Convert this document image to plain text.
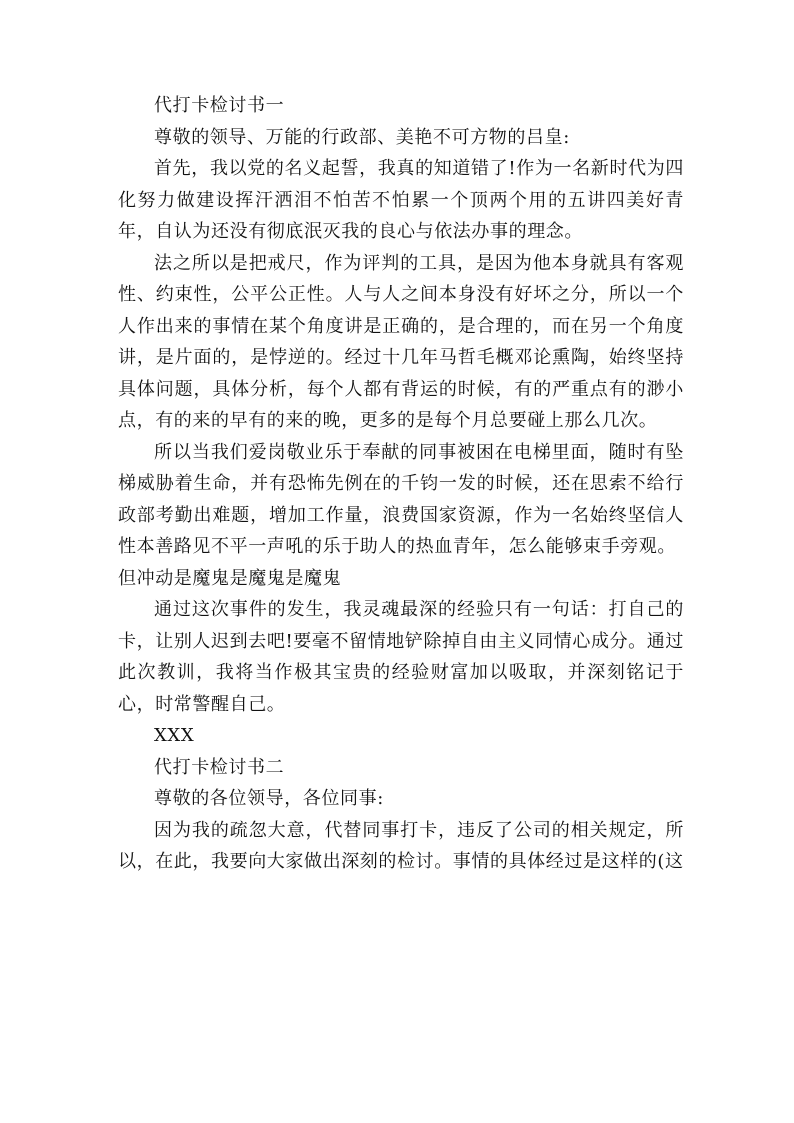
代打卡检讨书一

尊敬的领导、万能的行政部、美艳不可方物的吕皇:

首先，我以党的名义起誓，我真的知道错了!作为一名新时代为四化努力做建设挥汗洒泪不怕苦不怕累一个顶两个用的五讲四美好青年，自认为还没有彻底泯灭我的良心与依法办事的理念。

法之所以是把戒尺，作为评判的工具，是因为他本身就具有客观性、约束性，公平公正性。人与人之间本身没有好坏之分，所以一个人作出来的事情在某个角度讲是正确的，是合理的，而在另一个角度讲，是片面的，是悖逆的。经过十几年马哲毛概邓论熏陶，始终坚持具体问题，具体分析，每个人都有背运的时候，有的严重点有的渺小点，有的来的早有的来的晚，更多的是每个月总要碰上那么几次。

所以当我们爱岗敬业乐于奉献的同事被困在电梯里面，随时有坠梯威胁着生命，并有恐怖先例在的千钧一发的时候，还在思索不给行政部考勤出难题，增加工作量，浪费国家资源，作为一名始终坚信人性本善路见不平一声吼的乐于助人的热血青年，怎么能够束手旁观。

但冲动是魔鬼是魔鬼是魔鬼

通过这次事件的发生，我灵魂最深的经验只有一句话：打自己的卡，让别人迟到去吧!要毫不留情地铲除掉自由主义同情心成分。通过此次教训，我将当作极其宝贵的经验财富加以吸取，并深刻铭记于心，时常警醒自己。

XXX

代打卡检讨书二

尊敬的各位领导，各位同事:

因为我的疏忽大意，代替同事打卡，违反了公司的相关规定，所以，在此，我要向大家做出深刻的检讨。事情的具体经过是这样的(这
